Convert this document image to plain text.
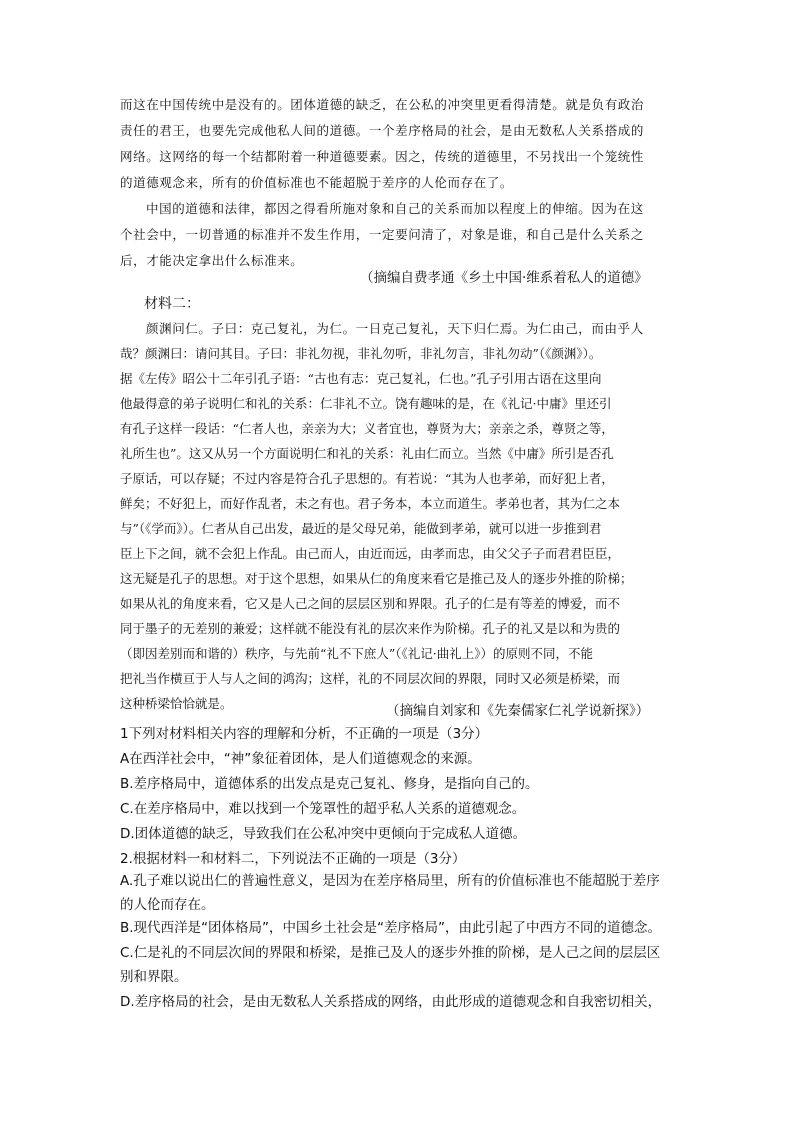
而这在中国传统中是没有的。团体道德的缺乏，在公私的冲突里更看得清楚。就是负有政治
责任的君王，也要先完成他私人间的道德。一个差序格局的社会，是由无数私人关系搭成的
网络。这网络的每一个结都附着一种道德要素。因之，传统的道德里，不另找出一个笼统性
的道德观念来，所有的价值标准也不能超脱于差序的人伦而存在了。
中国的道德和法律，都因之得看所施对象和自己的关系而加以程度上的伸缩。因为在这
个社会中，一切普通的标准并不发生作用，一定要问清了，对象是谁，和自己是什么关系之
后，才能决定拿出什么标准来。
（摘编自费孝通《乡土中国·维系着私人的道德》
材料二：
颜渊问仁。子曰：克己复礼，为仁。一日克己复礼，天下归仁焉。为仁由己，而由乎人
哉？颜渊曰：请问其目。子曰：非礼勿视，非礼勿听，非礼勿言，非礼勿动”（《颜渊》）。
据《左传》昭公十二年引孔子语：“古也有志：克己复礼，仁也。”孔子引用古语在这里向
他最得意的弟子说明仁和礼的关系：仁非礼不立。饶有趣味的是，在《礼记·中庸》里还引
有孔子这样一段话：“仁者人也，亲亲为大；义者宜也，尊贤为大；亲亲之杀，尊贤之等，
礼所生也”。这又从另一个方面说明仁和礼的关系：礼由仁而立。当然《中庸》所引是否孔
子原话，可以存疑；不过内容是符合孔子思想的。有若说：“其为人也孝弟，而好犯上者，
鲜矣；不好犯上，而好作乱者，未之有也。君子务本，本立而道生。孝弟也者，其为仁之本
与”（《学而》）。仁者从自己出发，最近的是父母兄弟，能做到孝弟，就可以进一步推到君
臣上下之间，就不会犯上作乱。由己而人，由近而远，由孝而忠，由父父子子而君君臣臣，
这无疑是孔子的思想。对于这个思想，如果从仁的角度来看它是推己及人的逐步外推的阶梯；
如果从礼的角度来看，它又是人己之间的层层区别和界限。孔子的仁是有等差的博爱，而不
同于墨子的无差别的兼爱；这样就不能没有礼的层次来作为阶梯。孔子的礼又是以和为贵的
（即因差别而和谐的）秩序，与先前“礼不下庶人”（《礼记·曲礼上》）的原则不同，不能
把礼当作横亘于人与人之间的鸿沟；这样，礼的不同层次间的界限，同时又必须是桥梁，而
这种桥梁恰恰就是。	（摘编自刘家和《先秦儒家仁礼学说新探》）
1下列对材料相关内容的理解和分析，不正确的一项是（3分）
A在西洋社会中，“神”象征着团体，是人们道德观念的来源。
B.差序格局中，道德体系的出发点是克己复礼、修身，是指向自己的。
C.在差序格局中，难以找到一个笼罩性的超乎私人关系的道德观念。
D.团体道德的缺乏，导致我们在公私冲突中更倾向于完成私人道德。
2.根据材料一和材料二，下列说法不正确的一项是（3分）
A.孔子难以说出仁的普遍性意义，是因为在差序格局里，所有的价值标准也不能超脱于差序
的人伦而存在。
B.现代西洋是“团体格局”，中国乡土社会是“差序格局”，由此引起了中西方不同的道德念。
C.仁是礼的不同层次间的界限和桥梁，是推己及人的逐步外推的阶梯，是人己之间的层层区
别和界限。
D.差序格局的社会，是由无数私人关系搭成的网络，由此形成的道德观念和自我密切相关，
